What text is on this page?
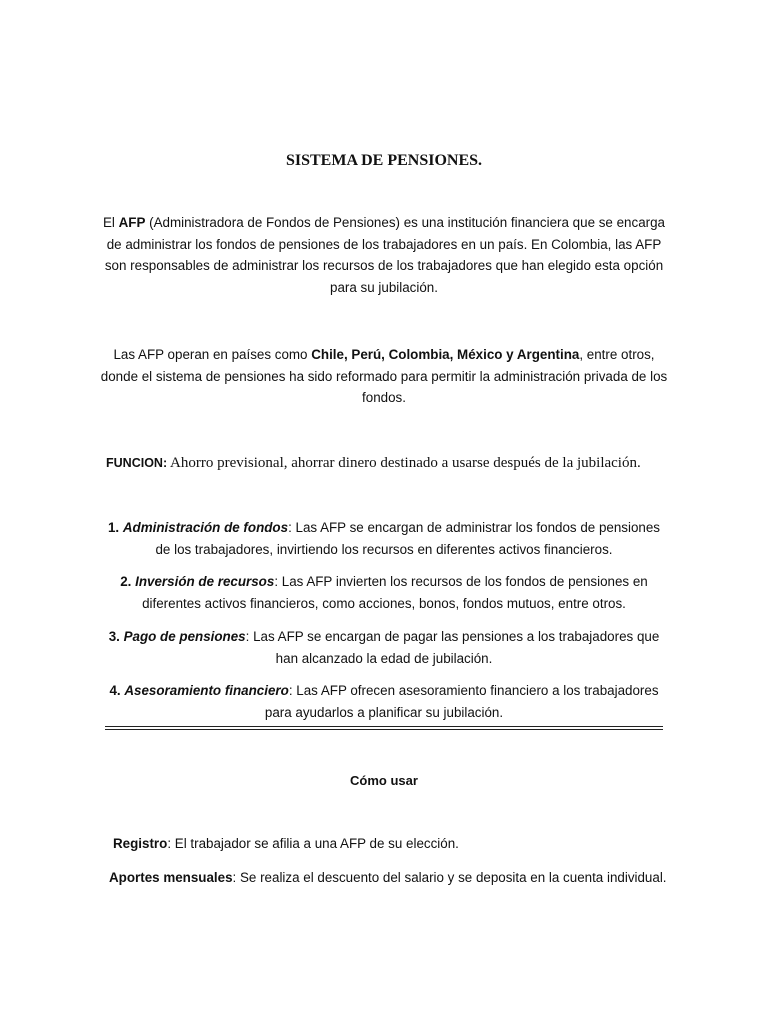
SISTEMA DE PENSIONES.
El AFP (Administradora de Fondos de Pensiones) es una institución financiera que se encarga de administrar los fondos de pensiones de los trabajadores en un país. En Colombia, las AFP son responsables de administrar los recursos de los trabajadores que han elegido esta opción para su jubilación.
Las AFP operan en países como Chile, Perú, Colombia, México y Argentina, entre otros, donde el sistema de pensiones ha sido reformado para permitir la administración privada de los fondos.
FUNCION: Ahorro previsional, ahorrar dinero destinado a usarse después de la jubilación.
1. Administración de fondos: Las AFP se encargan de administrar los fondos de pensiones de los trabajadores, invirtiendo los recursos en diferentes activos financieros.
2. Inversión de recursos: Las AFP invierten los recursos de los fondos de pensiones en diferentes activos financieros, como acciones, bonos, fondos mutuos, entre otros.
3. Pago de pensiones: Las AFP se encargan de pagar las pensiones a los trabajadores que han alcanzado la edad de jubilación.
4. Asesoramiento financiero: Las AFP ofrecen asesoramiento financiero a los trabajadores para ayudarlos a planificar su jubilación.
Cómo usar
Registro: El trabajador se afilia a una AFP de su elección.
Aportes mensuales: Se realiza el descuento del salario y se deposita en la cuenta individual.
